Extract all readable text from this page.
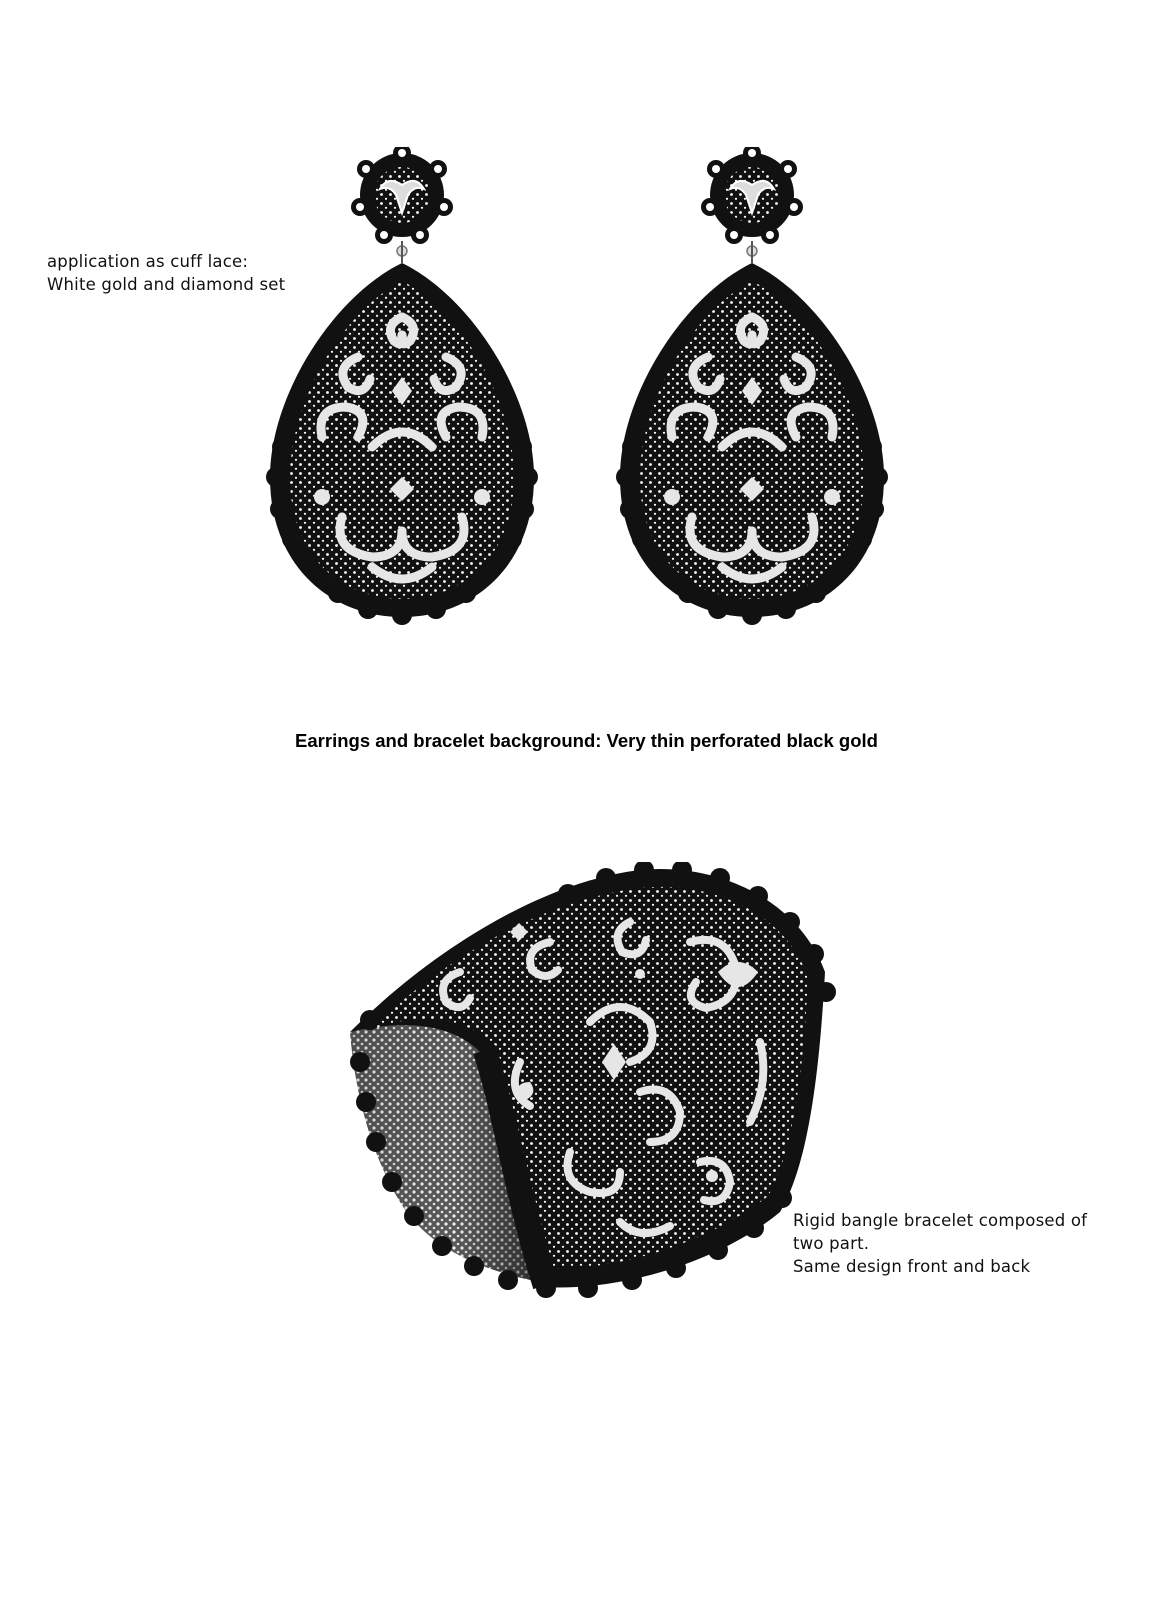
application as cuff lace:
White gold and diamond set
Earrings and bracelet background: Very thin perforated black gold
Rigid bangle bracelet composed of
two part.
Same design front and back
